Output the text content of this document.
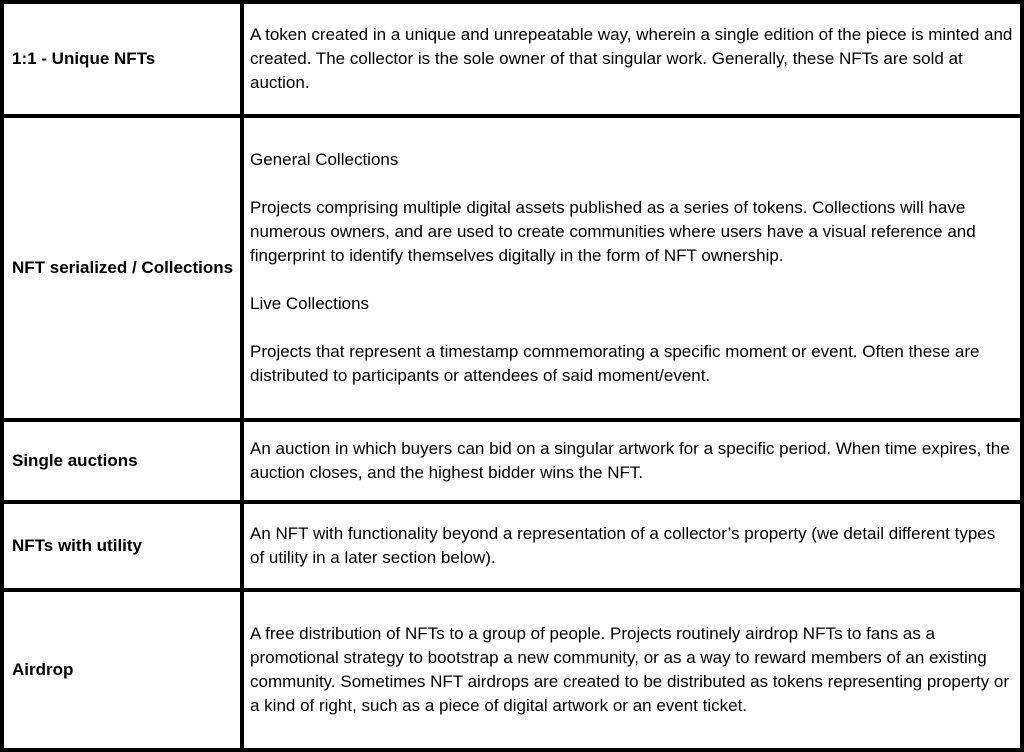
1:1 - Unique NFTs	A token created in a unique and unrepeatable way, wherein a single edition of the piece is minted and created. The collector is the sole owner of that singular work. Generally, these NFTs are sold at auction.

NFT serialized / Collections	General Collections

Projects comprising multiple digital assets published as a series of tokens. Collections will have numerous owners, and are used to create communities where users have a visual reference and fingerprint to identify themselves digitally in the form of NFT ownership.

Live Collections

Projects that represent a timestamp commemorating a specific moment or event. Often these are distributed to participants or attendees of said moment/event.

Single auctions	An auction in which buyers can bid on a singular artwork for a specific period. When time expires, the auction closes, and the highest bidder wins the NFT.

NFTs with utility	An NFT with functionality beyond a representation of a collector’s property (we detail different types of utility in a later section below).

Airdrop	A free distribution of NFTs to a group of people. Projects routinely airdrop NFTs to fans as a promotional strategy to bootstrap a new community, or as a way to reward members of an existing community. Sometimes NFT airdrops are created to be distributed as tokens representing property or a kind of right, such as a piece of digital artwork or an event ticket.
